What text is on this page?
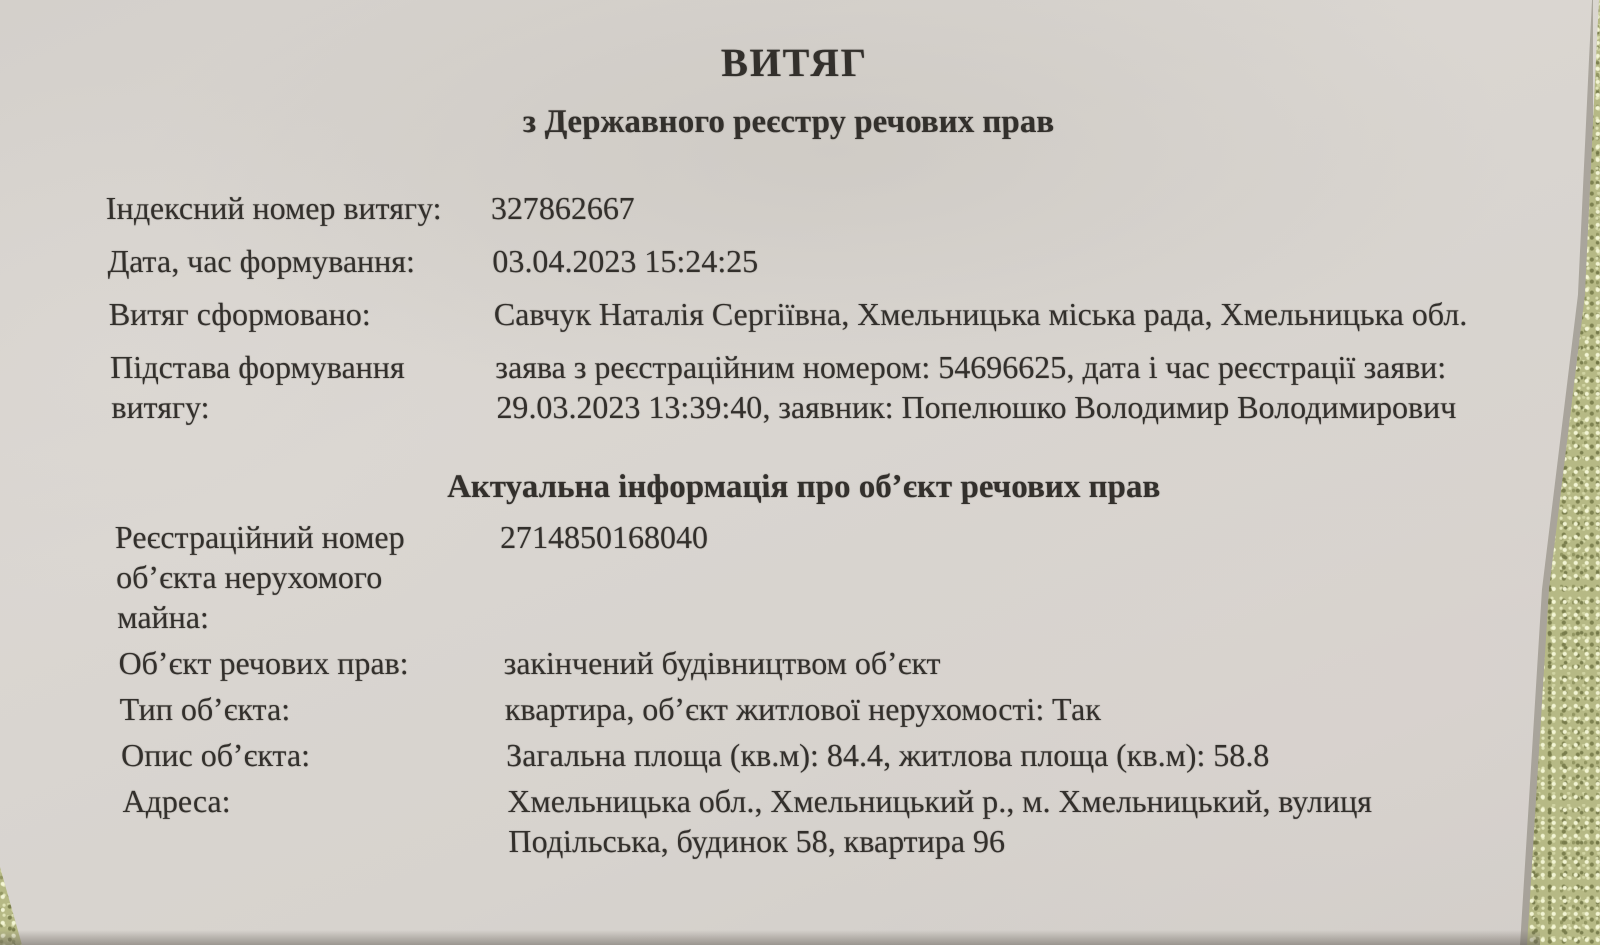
ВИТЯГ
з Державного реєстру речових прав
Індексний номер витягу:	327862667
Дата, час формування:	03.04.2023 15:24:25
Витяг сформовано:	Савчук Наталія Сергіївна, Хмельницька міська рада, Хмельницька обл.
Підстава формування витягу:
заява з реєстраційним номером: 54696625, дата і час реєстрації заяви: 29.03.2023 13:39:40, заявник: Попелюшко Володимир Володимирович
Актуальна інформація про об’єкт речових прав
Реєстраційний номер об’єкта нерухомого майна:
2714850168040
Об’єкт речових прав:	закінчений будівництвом об’єкт
Тип об’єкта:	квартира, об’єкт житлової нерухомості: Так
Опис об’єкта:	Загальна площа (кв.м): 84.4, житлова площа (кв.м): 58.8
Адреса:	Хмельницька обл., Хмельницький р., м. Хмельницький, вулиця Подільська, будинок 58, квартира 96
